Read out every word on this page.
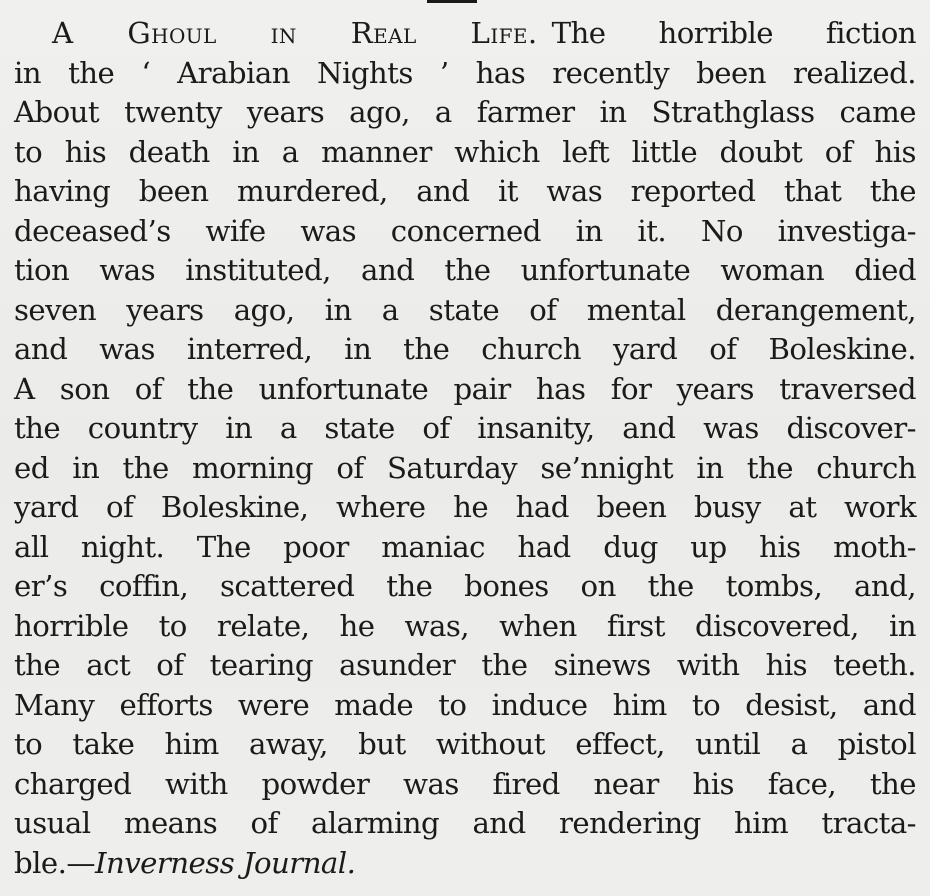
A Ghoul in Real Life. The horrible fiction
in the ‘ Arabian Nights ’ has recently been realized.
About twenty years ago, a farmer in Strathglass came
to his death in a manner which left little doubt of his
having been murdered, and it was reported that the
deceased’s wife was concerned in it. No investiga-
tion was instituted, and the unfortunate woman died
seven years ago, in a state of mental derangement,
and was interred, in the church yard of Boleskine.
A son of the unfortunate pair has for years traversed
the country in a state of insanity, and was discover-
ed in the morning of Saturday se’nnight in the church
yard of Boleskine, where he had been busy at work
all night. The poor maniac had dug up his moth-
er’s coffin, scattered the bones on the tombs, and,
horrible to relate, he was, when first discovered, in
the act of tearing asunder the sinews with his teeth.
Many efforts were made to induce him to desist, and
to take him away, but without effect, until a pistol
charged with powder was fired near his face, the
usual means of alarming and rendering him tracta-
ble.—Inverness Journal.
